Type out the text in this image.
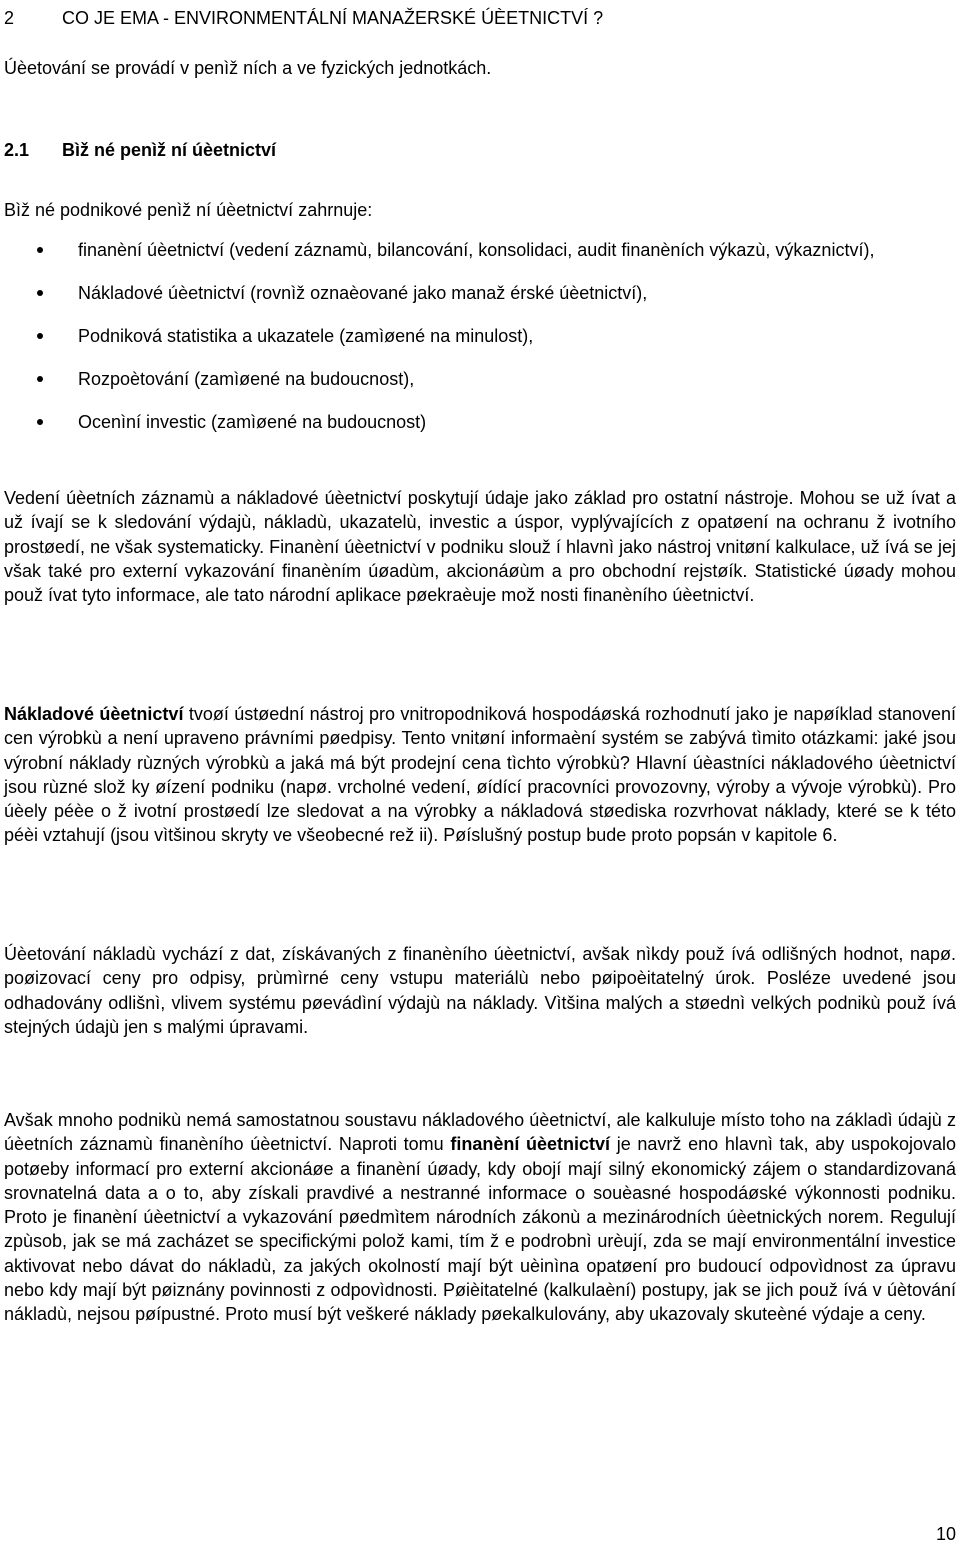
2	CO JE EMA - ENVIRONMENTÁLNÍ MANAŽERSKÉ ÚÈETNICTVÍ ?

Úèetování se provádí v penìž ních a ve fyzických jednotkách.

2.1 Bìž né penìž ní úèetnictví

Bìž né podnikové penìž ní úèetnictví zahrnuje:

finanèní úèetnictví (vedení záznamù, bilancování, konsolidaci, audit finanèních výkazù, výkaznictví),
Nákladové úèetnictví (rovnìž oznaèované jako manaž érské úèetnictví),
Podniková statistika a ukazatele (zamìøené na minulost),
Rozpoètování (zamìøené na budoucnost),
Ocenìní investic (zamìøené na budoucnost)

Vedení úèetních záznamù a nákladové úèetnictví poskytují údaje jako základ pro ostatní nástroje. Mohou se už ívat a už ívají se k sledování výdajù, nákladù, ukazatelù, investic a úspor, vyplývajících z opatøení na ochranu ž ivotního prostøedí, ne však systematicky. Finanèní úèetnictví v podniku slouž í hlavnì jako nástroj vnitøní kalkulace, už ívá se jej však také pro externí vykazování finanèním úøadùm, akcionáøùm a pro obchodní rejstøík. Statistické úøady mohou použ ívat tyto informace, ale tato národní aplikace pøekraèuje mož nosti finanèního úèetnictví.

Nákladové úèetnictví tvoøí ústøední nástroj pro vnitropodniková hospodáøská rozhodnutí jako je napøíklad stanovení cen výrobkù a není upraveno právními pøedpisy. Tento vnitøní informaèní systém se zabývá tìmito otázkami: jaké jsou výrobní náklady rùzných výrobkù a jaká má být prodejní cena tìchto výrobkù? Hlavní úèastníci nákladového úèetnictví jsou rùzné slož ky øízení podniku (napø. vrcholné vedení, øídící pracovníci provozovny, výroby a vývoje výrobkù). Pro úèely péèe o ž ivotní prostøedí lze sledovat a na výrobky a nákladová støediska rozvrhovat náklady, které se k této péèi vztahují (jsou vìtšinou skryty ve všeobecné rež ii). Pøíslušný postup bude proto popsán v kapitole 6.

Úèetování nákladù vychází z dat, získávaných z finanèního úèetnictví, avšak nìkdy použ ívá odlišných hodnot, napø. poøizovací ceny pro odpisy, prùmìrné ceny vstupu materiálù nebo pøipoèitatelný úrok. Posléze uvedené jsou odhadovány odlišnì, vlivem systému pøevádìní výdajù na náklady. Vìtšina malých a støednì velkých podnikù použ ívá stejných údajù jen s malými úpravami.

Avšak mnoho podnikù nemá samostatnou soustavu nákladového úèetnictví, ale kalkuluje místo toho na základì údajù z úèetních záznamù finanèního úèetnictví. Naproti tomu finanèní úèetnictví je navrž eno hlavnì tak, aby uspokojovalo potøeby informací pro externí akcionáøe a finanèní úøady, kdy obojí mají silný ekonomický zájem o standardizovaná srovnatelná data a o to, aby získali pravdivé a nestranné informace o souèasné hospodáøské výkonnosti podniku. Proto je finanèní úèetnictví a vykazování pøedmìtem národních zákonù a mezinárodních úèetnických norem. Regulují zpùsob, jak se má zacházet se specifickými polož kami, tím ž e podrobnì urèují, zda se mají environmentální investice aktivovat nebo dávat do nákladù, za jakých okolností mají být uèinìna opatøení pro budoucí odpovìdnost za úpravu nebo kdy mají být pøiznány povinnosti z odpovìdnosti. Pøièitatelné (kalkulaèní) postupy, jak se jich použ ívá v úètování nákladù, nejsou pøípustné. Proto musí být veškeré náklady pøekalkulovány, aby ukazovaly skuteèné výdaje a ceny.

10
